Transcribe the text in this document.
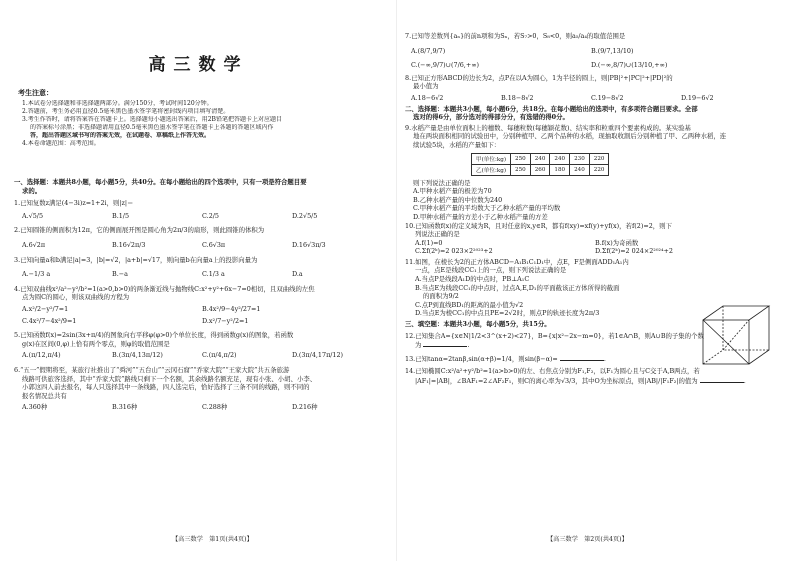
高三数学
考生注意：
1.本试卷分选择题和非选择题两部分。满分150分，考试时间120分钟。
2.答题前，考生务必用直径0.5毫米黑色墨水签字笔将密封线内项目填写清楚。
3.考生作答时，请将答案答在答题卡上。选择题每小题选出答案后，用2B铅笔把答题卡上对应题目
的答案标号涂黑；非选择题请用直径0.5毫米黑色墨水签字笔在答题卡上各题的答题区域内作
答，超出答题区域书写的答案无效，在试题卷、草稿纸上作答无效。
4.本卷命题范围：高考范围。
一、选择题：本题共8小题，每小题5分，共40分。在每小题给出的四个选项中，只有一项是符合题目要
求的。
1.已知复数z满足(4−3i)z=1+2i，则|z|＝
A.√5/5	B.1/5	C.2/5	D.2√5/5
2.已知圆锥的侧面积为12π，它的侧面展开图是圆心角为2π/3的扇形，则此圆锥的体积为
A.6√2π	B.16√2π/3	C.6√3π	D.16√3π/3
3.已知向量a和b满足|a|=3，|b|=√2，|a+b|=√17，则向量b在向量a上的投影向量为
A.−1/3 a	B.−a	C.1/3 a	D.a
4.已知双曲线x²/a²−y²/b²=1(a>0,b>0)的两条渐近线与抛物线C:x²+y²+6x−7=0相切，且双曲线的左焦
点为圆C的圆心，则该双曲线的方程为
A.x²/2−y²/7=1	B.4x²/9−4y²/27=1
C.4x²/7−4x²/9=1	D.x²/7−y²/2=1
5.已知函数f(x)=2sin(3x+π/4)的图象向右平移φ(φ>0)个单位长度，得到函数g(x)的图象，若函数
g(x)在区间(0,φ)上恰有两个零点，则φ的取值范围是
A.(π/12,π/4)	B.(3π/4,13π/12)	C.(π/4,π/2)	D.(3π/4,17π/12)
6.“五一”假期将至，某旅行社推出了“舜河”“五台山”“云冈石窟”“乔家大院”“王家大院”共五条旅游
线路可供旅客选择，其中“乔家大院”路线只剩下一个名额，其余线路名额充足，现有小张、小胡、小李、
小郭这四人前去报名，每人只选择其中一条线路，四人选完后，恰好选择了三条不同的线路，则不同的
报名情况总共有
A.360种	B.316种	C.288种	D.216种
【高三数学　第1页(共4页)】
7.已知等差数列{aₙ}的前n项和为Sₙ，若S₇>0，S₈<0，则a₅/a₄的取值范围是
A.(8/7,9/7)	B.(9/7,13/10)
C.(−∞,9/7)∪(7/6,+∞)	D.(−∞,8/7)∪(13/10,+∞)
8.已知正方形ABCD的边长为2，点P在以A为圆心，1为半径的圆上，则|PB|²+|PC|²+|PD|²的
最小值为
A.18−6√2	B.18−8√2	C.19−8√2	D.19−6√2
二、选择题：本题共3小题，每小题6分，共18分。在每小题给出的选项中，有多项符合题目要求。全部
选对的得6分，部分选对的得部分分，有选错的得0分。
9.水稻产量是由单位面积上的穗数、每穗粒数(每穗颖花数)、结实率和粒重四个要素构成的。某实验基
地在两块面积相同的试验田中，分别种植甲、乙两个品种的水稻，现抽取收割后分别种植了甲、乙两种水稻，连
续试验5块，水稻的产量如下：
甲(单位:kg)	250	240	240	230	220
乙(单位:kg)	250	260	180	240	220
则下列说法正确的是
A.甲种水稻产量的极差为70
B.乙种水稻产量的中位数为240
C.甲种水稻产量的平均数大于乙种水稻产量的平均数
D.甲种水稻产量的方差小于乙种水稻产量的方差
10.已知函数f(x)的定义域为R，且对任意的x,y∈R，都有f(xy)=xf(y)+yf(x)，若f(2)=2，则下
列说法正确的是
A.f(1)=0	B.f(x)为奇函数
C.Σf(2ᵏ)=2 023×2²⁰²³+2	D.Σf(2ᵏ)=2 024×2²⁰²⁴+2
11.如图，在棱长为2的正方体ABCD−A₁B₁C₁D₁中，点E，F是侧面ADD₁A₁内
一点，点E是线段CC₁上的一点，则下列说法正确的是
A.当点P是线段A₁D的中点时，PB⊥A₁C
B.当点E为线段CC₁的中点时，过点A,E,D₁的平面截该正方体所得的截面
的面积为9/2
C.点P到直线BD₁的距离的最小值为√2
D.当点E为棱CC₁的中点且PE=2√2时，则点P的轨迹长度为2π/3
三、填空题：本题共3小题，每小题5分，共15分。
12.已知集合A={x∈N|1/2<3^(x+2)<27}，B={x|x²−2x−m=0}，若1∈A∩B，则A∪B的子集的个数
为	.
13.已知tanα=2tanβ,sin(α+β)=1/4，则sin(β−α)=	.
14.已知椭圆C:x²/a²+y²/b²=1(a>b>0)的左、右焦点分别为F₁,F₂，以F₁为圆心且与C交于A,B两点，若
|AF₁|=|AB|，∠BAF₁=2∠AF₂F₁，则C的离心率为√3/3，其中O为坐标原点，则|AB|/|F₁F₂|的值为	.
【高三数学　第2页(共4页)】
